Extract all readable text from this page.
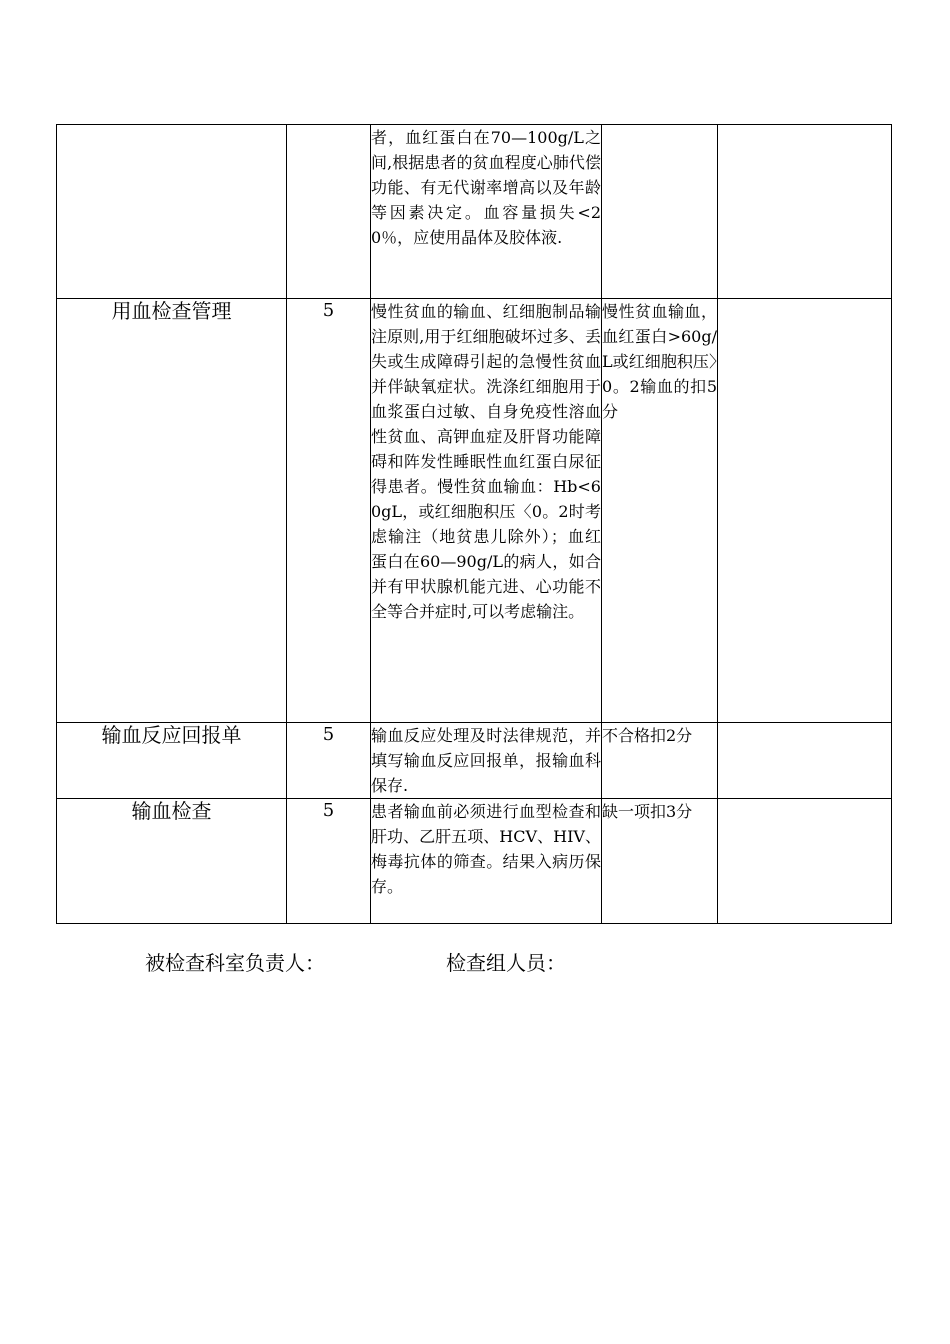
		者，血红蛋白在70—100g/L之间,根据患者的贫血程度心肺代偿功能、有无代谢率增高以及年龄等因素决定。血容量损失<20％，应使用晶体及胶体液.		
用血检查管理	5	慢性贫血的输血、红细胞制品输注原则,用于红细胞破坏过多、丢失或生成障碍引起的急慢性贫血并伴缺氧症状。洗涤红细胞用于血浆蛋白过敏、自身免疫性溶血性贫血、高钾血症及肝肾功能障碍和阵发性睡眠性血红蛋白尿征得患者。慢性贫血输血：Hb<60gL，或红细胞积压〈0。2时考虑输注（地贫患儿除外）；血红蛋白在60—90g/L的病人，如合并有甲状腺机能亢进、心功能不全等合并症时,可以考虑输注。	慢性贫血输血，血红蛋白>60g/L或红细胞积压〉0。2输血的扣5分	
输血反应回报单	5	输血反应处理及时法律规范，并填写输血反应回报单，报输血科保存.	不合格扣2分	
输血检查	5	患者输血前必须进行血型检查和肝功、乙肝五项、HCV、HIV、梅毒抗体的筛查。结果入病历保存。	缺一项扣3分	
被检查科室负责人：	检查组人员：
